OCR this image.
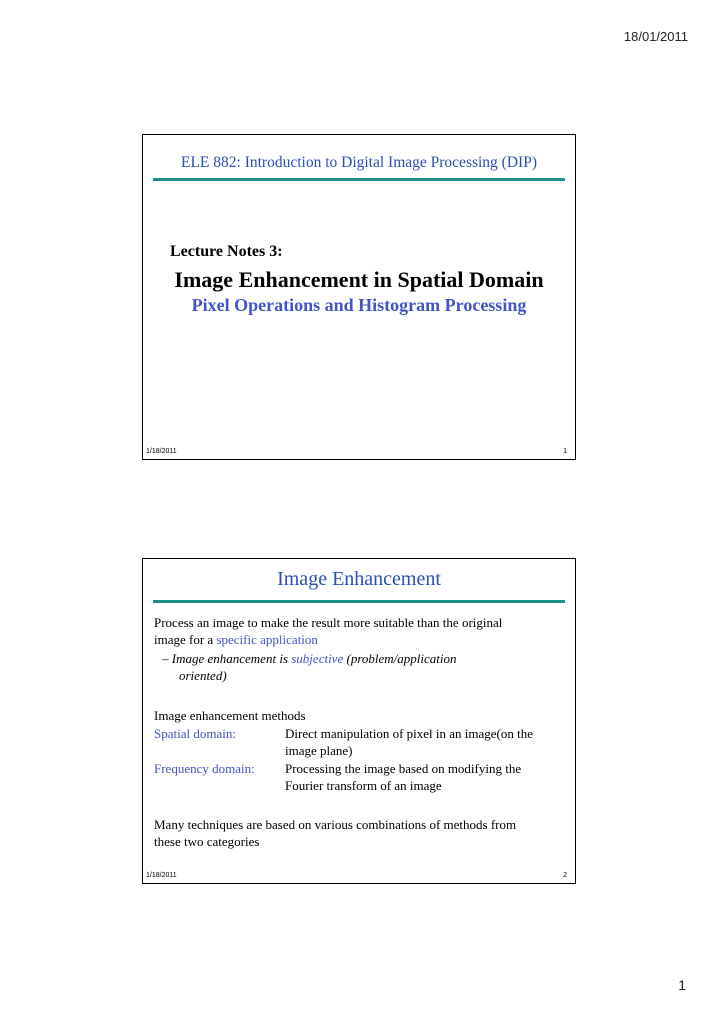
18/01/2011
ELE 882: Introduction to Digital Image Processing (DIP)
Lecture Notes 3:
Image Enhancement in Spatial Domain
Pixel Operations and Histogram Processing
1/18/2011	1
Image Enhancement
Process an image to make the result more suitable than the original
image for a specific application
– Image enhancement is subjective (problem/application
oriented)
Image enhancement methods
Spatial domain:	Direct manipulation of pixel in an image(on the
image plane)
Frequency domain: Processing the image based on modifying the
Fourier transform of an image
Many techniques are based on various combinations of methods from
these two categories
1/18/2011	2
1
